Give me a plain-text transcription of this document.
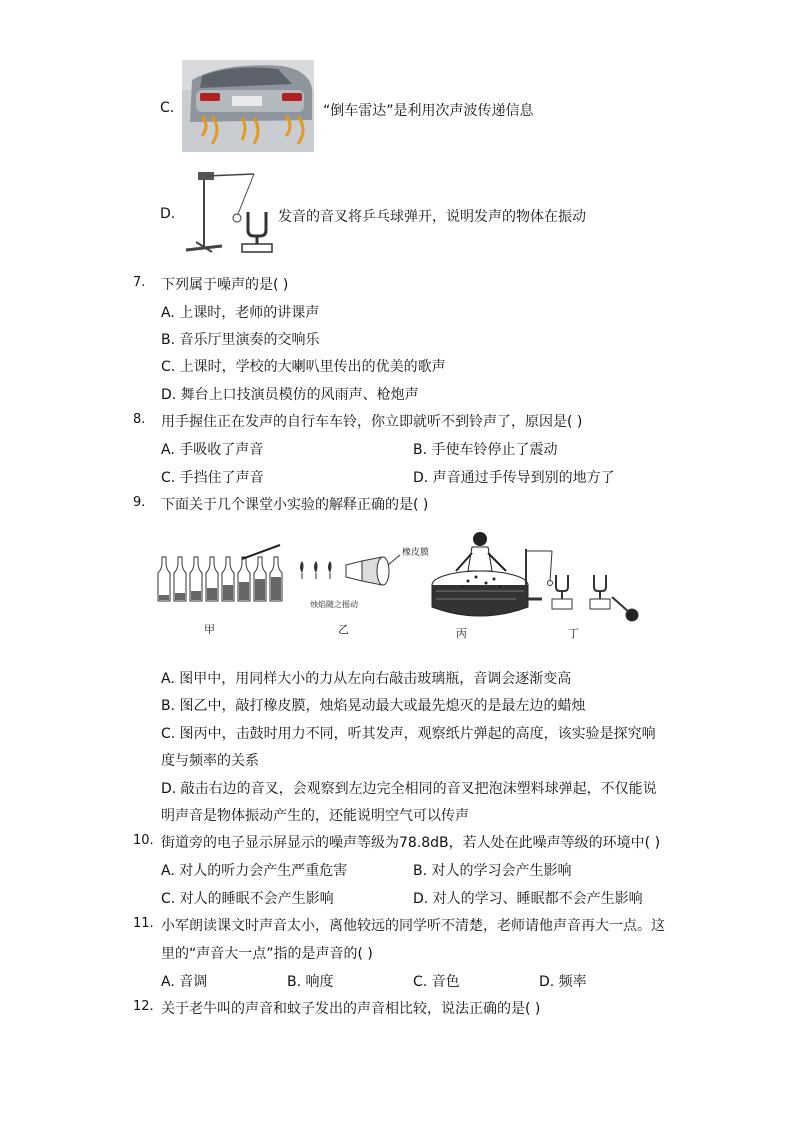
C.	“倒车雷达”是利用次声波传递信息
D.	发音的音叉将乒乓球弹开，说明发声的物体在振动
7. 下列属于噪声的是( )
A. 上课时，老师的讲课声
B. 音乐厅里演奏的交响乐
C. 上课时，学校的大喇叭里传出的优美的歌声
D. 舞台上口技演员模仿的风雨声、枪炮声
8. 用手握住正在发声的自行车车铃，你立即就听不到铃声了，原因是( )
A. 手吸收了声音	B. 手使车铃停止了震动
C. 手挡住了声音	D. 声音通过手传导到别的地方了
9. 下面关于几个课堂小实验的解释正确的是( )
橡皮膜
烛焰随之摇动
甲	乙	丙	丁
A. 图甲中，用同样大小的力从左向右敲击玻璃瓶，音调会逐渐变高
B. 图乙中，敲打橡皮膜，烛焰晃动最大或最先熄灭的是最左边的蜡烛
C. 图丙中，击鼓时用力不同，听其发声，观察纸片弹起的高度，该实验是探究响
度与频率的关系
D. 敲击右边的音叉，会观察到左边完全相同的音叉把泡沫塑料球弹起，不仅能说
明声音是物体振动产生的，还能说明空气可以传声
10. 街道旁的电子显示屏显示的噪声等级为78.8dB，若人处在此噪声等级的环境中( )
A. 对人的听力会产生严重危害	B. 对人的学习会产生影响
C. 对人的睡眠不会产生影响	D. 对人的学习、睡眠都不会产生影响
11. 小军朗读课文时声音太小，离他较远的同学听不清楚，老师请他声音再大一点。这
里的“声音大一点”指的是声音的( )
A. 音调	B. 响度	C. 音色	D. 频率
12. 关于老牛叫的声音和蚊子发出的声音相比较，说法正确的是( )
